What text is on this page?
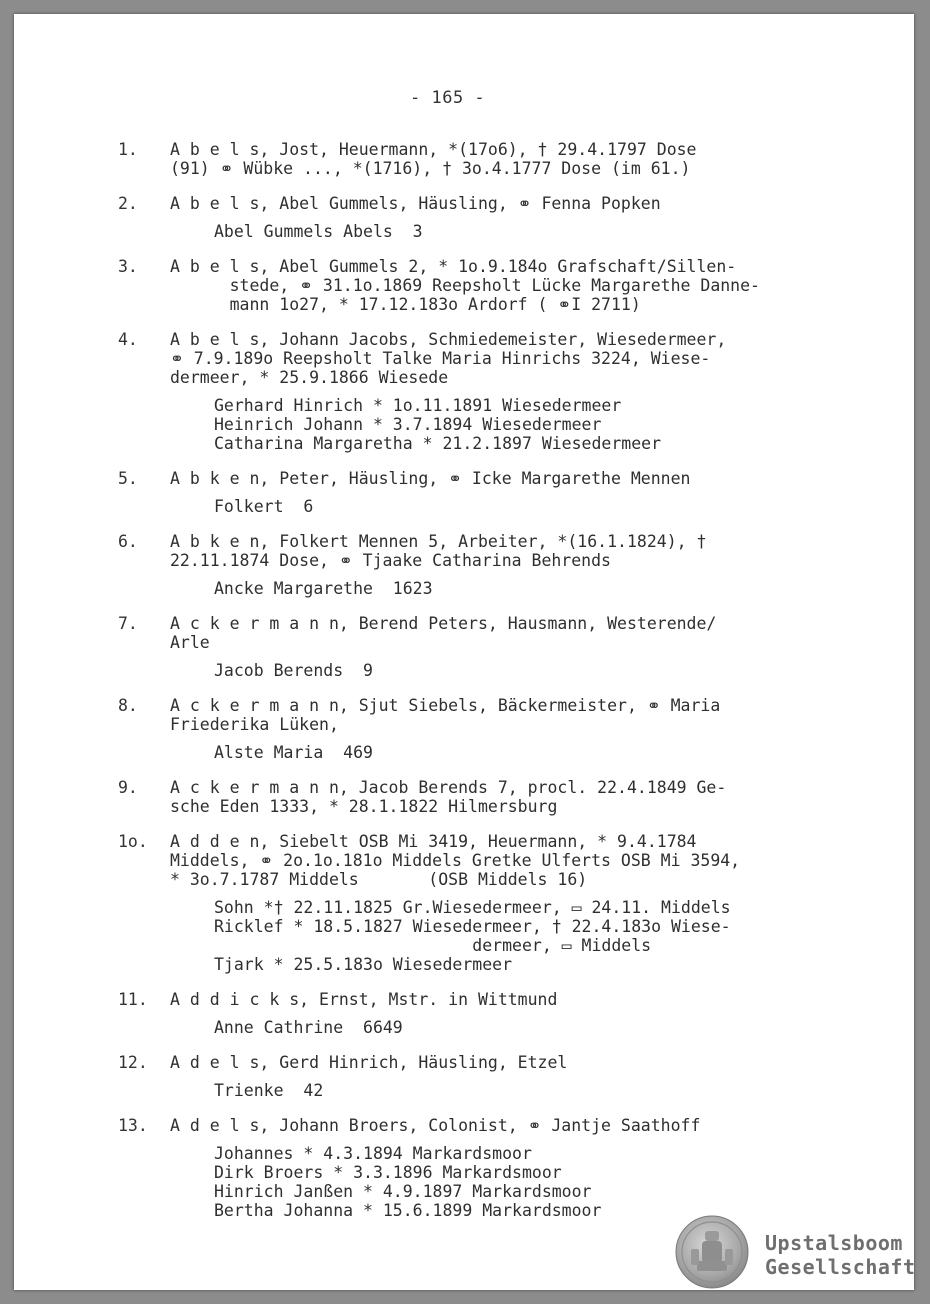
- 165 -
1.	A b e l s, Jost, Heuermann, *(17o6), † 29.4.1797 Dose
(91) ⚭ Wübke ..., *(1716), † 3o.4.1777 Dose (im 61.)
2.	A b e l s, Abel Gummels, Häusling, ⚭ Fenna Popken
Abel Gummels Abels  3
3.	A b e l s, Abel Gummels 2, * 1o.9.184o Grafschaft/Sillen-
stede, ⚭ 31.1o.1869 Reepsholt Lücke Margarethe Danne-
mann 1o27, * 17.12.183o Ardorf ( ⚭I 2711)
4.	A b e l s, Johann Jacobs, Schmiedemeister, Wiesedermeer,
⚭ 7.9.189o Reepsholt Talke Maria Hinrichs 3224, Wiese-
dermeer, * 25.9.1866 Wiesede
Gerhard Hinrich * 1o.11.1891 Wiesedermeer
Heinrich Johann * 3.7.1894 Wiesedermeer
Catharina Margaretha * 21.2.1897 Wiesedermeer
5.	A b k e n, Peter, Häusling, ⚭ Icke Margarethe Mennen
Folkert  6
6.	A b k e n, Folkert Mennen 5, Arbeiter, *(16.1.1824), †
22.11.1874 Dose, ⚭ Tjaake Catharina Behrends
Ancke Margarethe  1623
7.	A c k e r m a n n, Berend Peters, Hausmann, Westerende/
Arle
Jacob Berends  9
8.	A c k e r m a n n, Sjut Siebels, Bäckermeister, ⚭ Maria
Friederika Lüken,
Alste Maria  469
9.	A c k e r m a n n, Jacob Berends 7, procl. 22.4.1849 Ge-
sche Eden 1333, * 28.1.1822 Hilmersburg
1o.	A d d e n, Siebelt OSB Mi 3419, Heuermann, * 9.4.1784
Middels, ⚭ 2o.1o.181o Middels Gretke Ulferts OSB Mi 3594,
* 3o.7.1787 Middels       (OSB Middels 16)
Sohn *† 22.11.1825 Gr.Wiesedermeer, ▭ 24.11. Middels
Ricklef * 18.5.1827 Wiesedermeer, † 22.4.183o Wiese-
dermeer, ▭ Middels
Tjark * 25.5.183o Wiesedermeer
11.	A d d i c k s, Ernst, Mstr. in Wittmund
Anne Cathrine  6649
12.	A d e l s, Gerd Hinrich, Häusling, Etzel
Trienke  42
13.	A d e l s, Johann Broers, Colonist, ⚭ Jantje Saathoff
Johannes * 4.3.1894 Markardsmoor
Dirk Broers * 3.3.1896 Markardsmoor
Hinrich Janßen * 4.9.1897 Markardsmoor
Bertha Johanna * 15.6.1899 Markardsmoor
Upstalsboom
Gesellschaft
